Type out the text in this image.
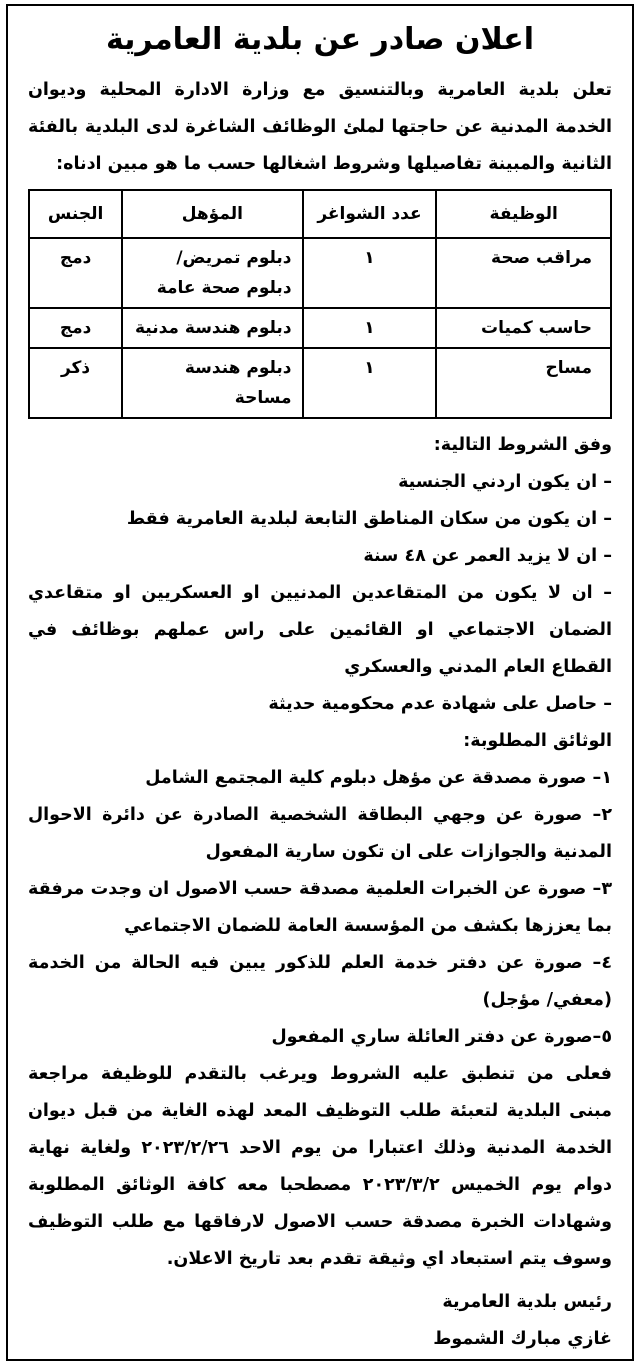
اعلان صادر عن بلدية العامرية

تعلن بلدية العامرية وبالتنسيق مع وزارة الادارة المحلية وديوان الخدمة المدنية عن حاجتها لملئ الوظائف الشاغرة لدى البلدية بالفئة الثانية والمبينة تفاصيلها وشروط اشغالها حسب ما هو مبين ادناه:

الوظيفة	عدد الشواغر	المؤهل	الجنس
مراقب صحة	١	دبلوم تمريض/ دبلوم صحة عامة	دمج
حاسب كميات	١	دبلوم هندسة مدنية	دمج
مساح	١	دبلوم هندسة مساحة	ذكر

وفق الشروط التالية:

– ان يكون اردني الجنسية

– ان يكون من سكان المناطق التابعة لبلدية العامرية فقط

– ان لا يزيد العمر عن ٤٨ سنة

– ان لا يكون من المتقاعدين المدنيين او العسكريين او متقاعدي الضمان الاجتماعي او القائمين على راس عملهم بوظائف في القطاع العام المدني والعسكري

– حاصل على شهادة عدم محكومية حديثة

الوثائق المطلوبة:

١– صورة مصدقة عن مؤهل دبلوم كلية المجتمع الشامل

٢– صورة عن وجهي البطاقة الشخصية الصادرة عن دائرة الاحوال المدنية والجوازات على ان تكون سارية المفعول

٣– صورة عن الخبرات العلمية مصدقة حسب الاصول ان وجدت مرفقة بما يعززها بكشف من المؤسسة العامة للضمان الاجتماعي

٤– صورة عن دفتر خدمة العلم للذكور يبين فيه الحالة من الخدمة (معفي/ مؤجل)

٥–صورة عن دفتر العائلة ساري المفعول

فعلى من تنطبق عليه الشروط ويرغب بالتقدم للوظيفة مراجعة مبنى البلدية لتعبئة طلب التوظيف المعد لهذه الغاية من قبل ديوان الخدمة المدنية وذلك اعتبارا من يوم الاحد ٢٠٢٣/٢/٢٦ ولغاية نهاية دوام يوم الخميس ٢٠٢٣/٣/٢ مصطحبا معه كافة الوثائق المطلوبة وشهادات الخبرة مصدقة حسب الاصول لارفاقها مع طلب التوظيف وسوف يتم استبعاد اي وثيقة تقدم بعد تاريخ الاعلان.

رئيس بلدية العامرية
غازي مبارك الشموط
